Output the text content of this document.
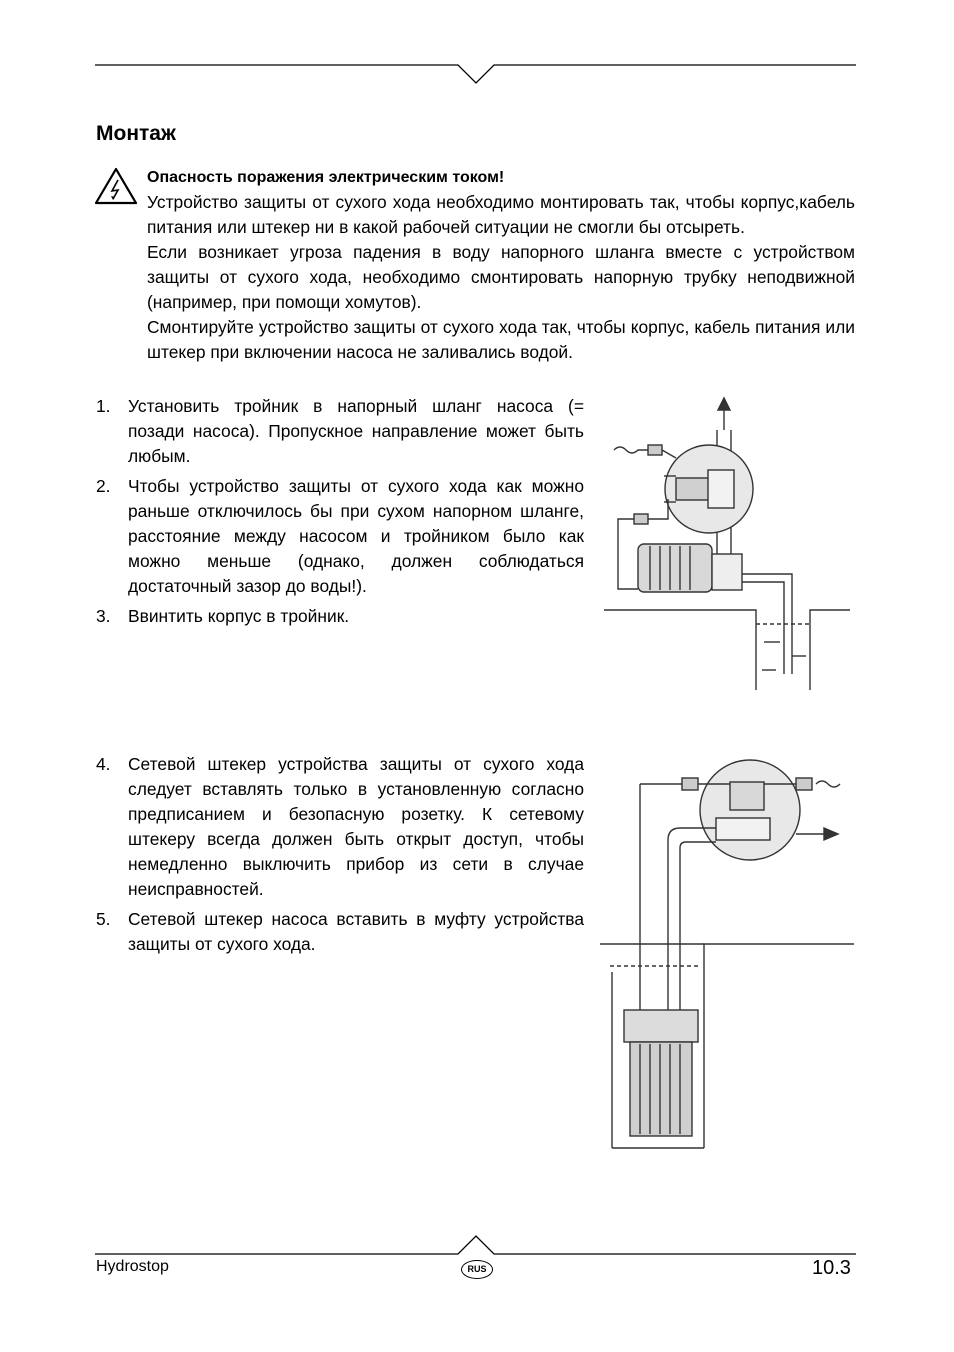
Монтаж
Опасность поражения электрическим током!

Устройство защиты от сухого хода необходимо монтировать так, чтобы корпус,кабель питания или штекер ни в какой рабочей ситуации не смогли бы отсыреть.

Если возникает угроза падения в воду напорного шланга вместе с устройством защиты от сухого хода, необходимо смонтировать напорную трубку неподвижной (например, при помощи хомутов).

Смонтируйте устройство защиты от сухого хода так, чтобы корпус, кабель питания или штекер при включении насоса не заливались водой.

1. Установить тройник в напорный шланг насоса (= позади насоса). Пропускное направление может быть любым.
2. Чтобы устройство защиты от сухого хода как можно раньше отключилось бы при сухом напорном шланге, расстояние между насосом и тройником было как можно меньше (однако, должен соблюдаться достаточный зазор до воды!).
3. Ввинтить корпус в тройник.
4. Сетевой штекер устройства защиты от сухого хода следует вставлять только в установленную согласно предписанием и безопасную розетку. К сетевому штекеру всегда должен быть открыт доступ, чтобы немедленно выключить прибор из сети в случае неисправностей.
5. Сетевой штекер насоса вставить в муфту устройства защиты от сухого хода.
Hydrostop	RUS	10.3
